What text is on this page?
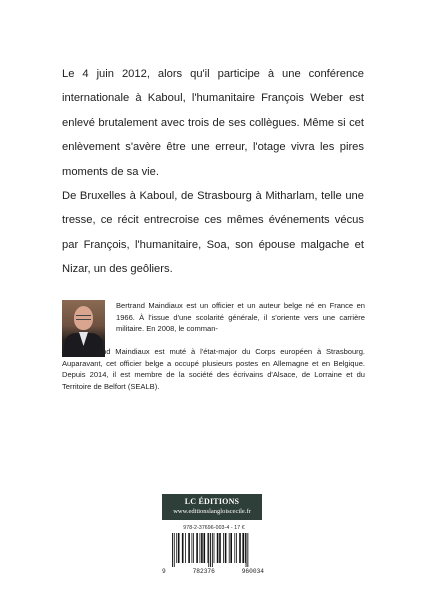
Le 4 juin 2012, alors qu'il participe à une conférence internationale à Kaboul, l'humanitaire François Weber est enlevé brutalement avec trois de ses collègues. Même si cet enlèvement s'avère être une erreur, l'otage vivra les pires moments de sa vie.

De Bruxelles à Kaboul, de Strasbourg à Mitharlam, telle une tresse, ce récit entrecroise ces mêmes événements vécus par François, l'humanitaire, Soa, son épouse malgache et Nizar, un des geôliers.

Bertrand Maindiaux est un officier et un auteur belge né en France en 1966. À l'issue d'une scolarité générale, il s'oriente vers une carrière militaire. En 2008, le comman-

dant Bertrand Maindiaux est muté à l'état-major du Corps européen à Strasbourg. Auparavant, cet officier belge a occupé plusieurs postes en Allemagne et en Belgique. Depuis 2014, il est membre de la société des écrivains d'Alsace, de Lorraine et du Territoire de Belfort (SEALB).

LC ÉDITIONS
www.editionslangloiscecile.fr
978-2-37696-003-4 - 17 €
9	782376	960034
